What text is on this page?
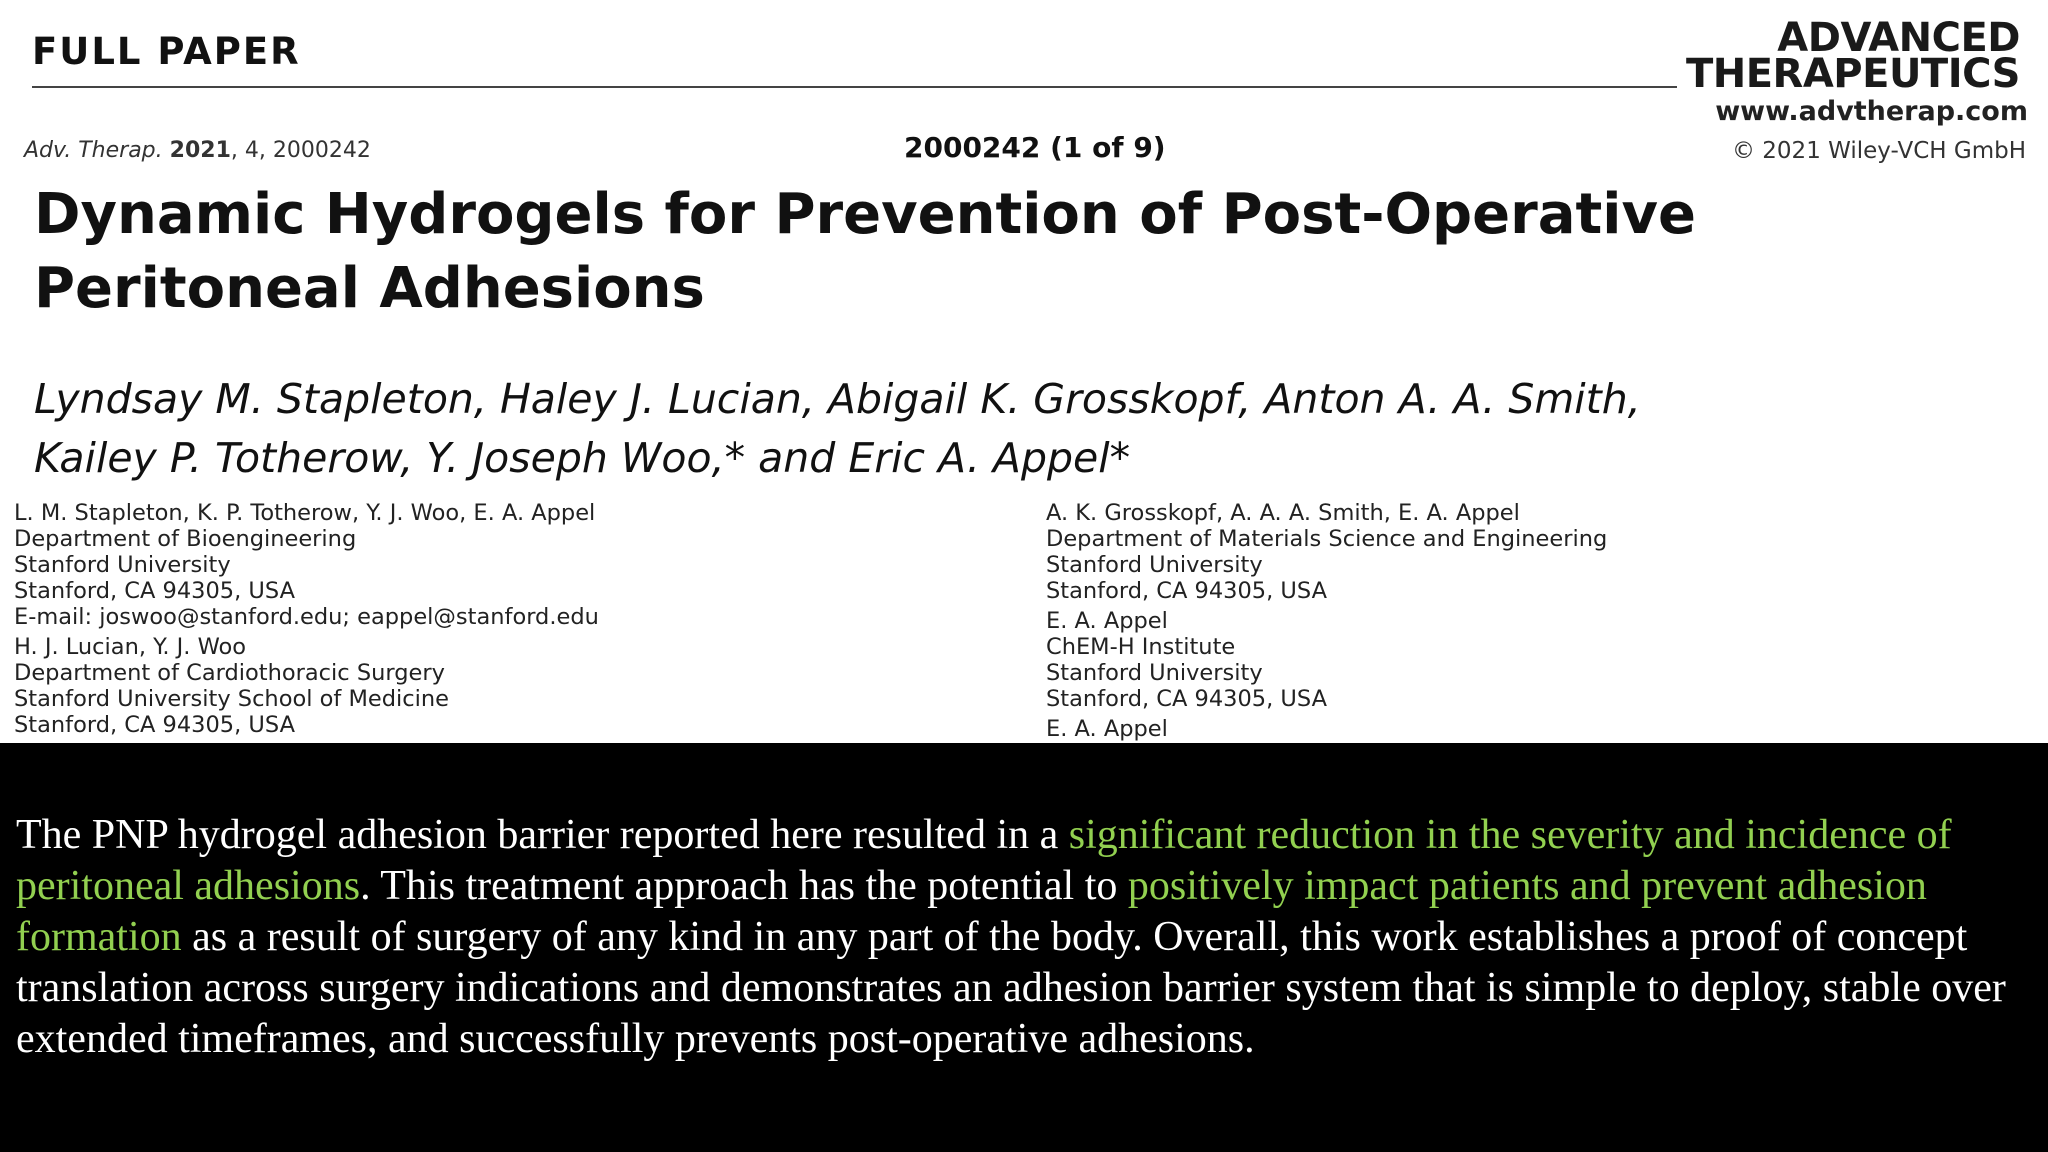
FULL PAPER	ADVANCED
THERAPEUTICS
www.advtherap.com
© 2021 Wiley-VCH GmbH
Adv. Therap. 2021, 4, 2000242	2000242 (1 of 9)
Dynamic Hydrogels for Prevention of Post-Operative Peritoneal Adhesions
Lyndsay M. Stapleton, Haley J. Lucian, Abigail K. Grosskopf, Anton A. A. Smith,
Kailey P. Totherow, Y. Joseph Woo,* and Eric A. Appel*
L. M. Stapleton, K. P. Totherow, Y. J. Woo, E. A. Appel
Department of Bioengineering
Stanford University
Stanford, CA 94305, USA
E-mail: joswoo@stanford.edu; eappel@stanford.edu
H. J. Lucian, Y. J. Woo
Department of Cardiothoracic Surgery
Stanford University School of Medicine
Stanford, CA 94305, USA
A. K. Grosskopf, A. A. A. Smith, E. A. Appel
Department of Materials Science and Engineering
Stanford University
Stanford, CA 94305, USA
E. A. Appel
ChEM-H Institute
Stanford University
Stanford, CA 94305, USA
E. A. Appel

The PNP hydrogel adhesion barrier reported here resulted in a significant reduction in the severity and incidence of peritoneal adhesions. This treatment approach has the potential to positively impact patients and prevent adhesion formation as a result of surgery of any kind in any part of the body. Overall, this work establishes a proof of concept translation across surgery indications and demonstrates an adhesion barrier system that is simple to deploy, stable over extended timeframes, and successfully prevents post-operative adhesions.
